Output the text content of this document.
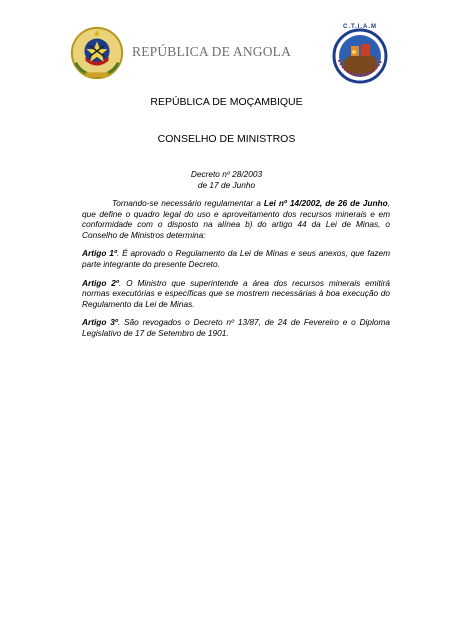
REPÚBLICA DE ANGOLA
C.T.I.A.M
REPÚBLICA DE MOÇAMBIQUE
CONSELHO DE MINISTROS
Decreto nº 28/2003
de 17 de Junho

Tornando-se necessário regulamentar a Lei nº 14/2002, de 26 de Junho, que define o quadro legal do uso e aproveitamento dos recursos minerais e em conformidade com o disposto na alínea b) do artigo 44 da Lei de Minas, o Conselho de Ministros determina:

Artigo 1º. É aprovado o Regulamento da Lei de Minas e seus anexos, que fazem parte integrante do presente Decreto.

Artigo 2º. O Ministro que superintende a área dos recursos minerais emitirá normas executórias e específicas que se mostrem necessárias à boa execução do Regulamento da Lei de Minas.

Artigo 3º. São revogados o Decreto nº 13/87, de 24 de Fevereiro e o Diploma Legislativo de 17 de Setembro de 1901.
